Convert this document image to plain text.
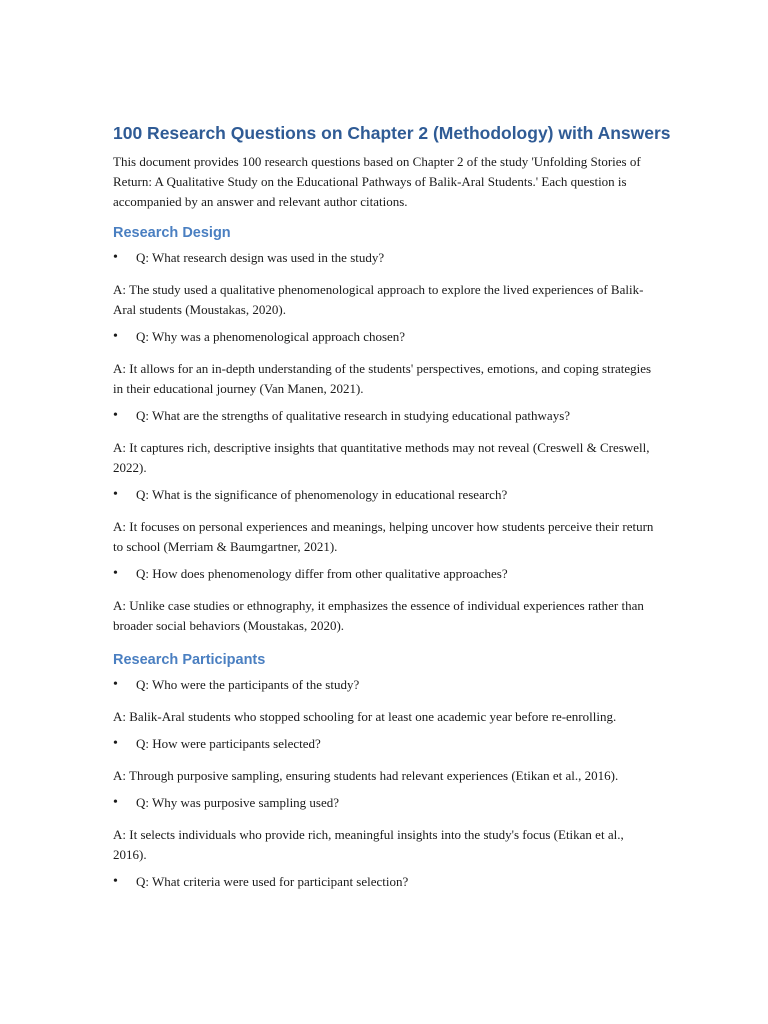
100 Research Questions on Chapter 2 (Methodology) with Answers

This document provides 100 research questions based on Chapter 2 of the study 'Unfolding Stories of Return: A Qualitative Study on the Educational Pathways of Balik-Aral Students.' Each question is accompanied by an answer and relevant author citations.

Research Design
• Q: What research design was used in the study?

A: The study used a qualitative phenomenological approach to explore the lived experiences of Balik-Aral students (Moustakas, 2020).

• Q: Why was a phenomenological approach chosen?

A: It allows for an in-depth understanding of the students' perspectives, emotions, and coping strategies in their educational journey (Van Manen, 2021).

• Q: What are the strengths of qualitative research in studying educational pathways?

A: It captures rich, descriptive insights that quantitative methods may not reveal (Creswell & Creswell, 2022).

• Q: What is the significance of phenomenology in educational research?

A: It focuses on personal experiences and meanings, helping uncover how students perceive their return to school (Merriam & Baumgartner, 2021).

• Q: How does phenomenology differ from other qualitative approaches?

A: Unlike case studies or ethnography, it emphasizes the essence of individual experiences rather than broader social behaviors (Moustakas, 2020).

Research Participants
• Q: Who were the participants of the study?

A: Balik-Aral students who stopped schooling for at least one academic year before re-enrolling.

• Q: How were participants selected?

A: Through purposive sampling, ensuring students had relevant experiences (Etikan et al., 2016).

• Q: Why was purposive sampling used?

A: It selects individuals who provide rich, meaningful insights into the study's focus (Etikan et al., 2016).

• Q: What criteria were used for participant selection?
